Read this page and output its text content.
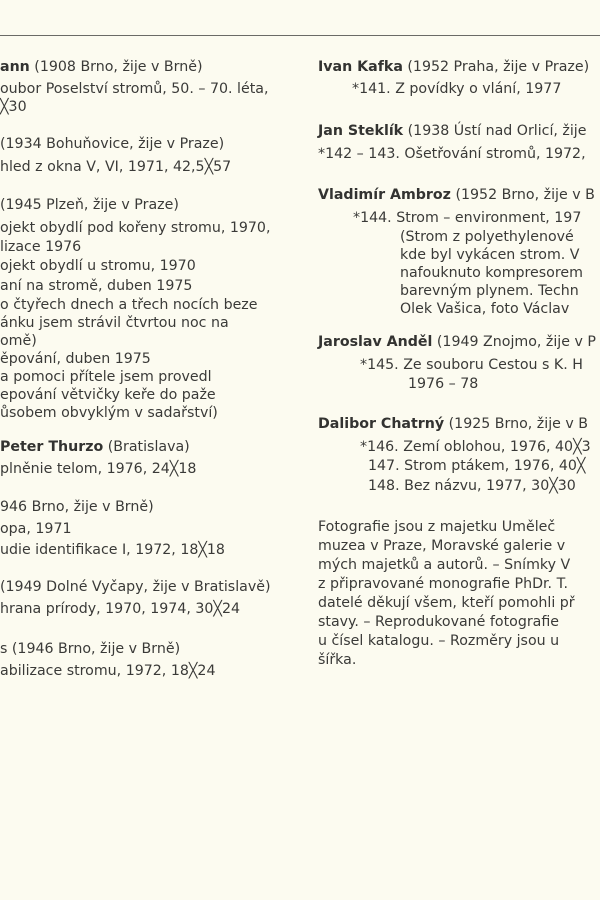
ann (1908 Brno, žije v Brně)
oubor Poselství stromů, 50. – 70. léta,
╳30
(1934 Bohuňovice, žije v Praze)
hled z okna V, VI, 1971, 42,5╳57
(1945 Plzeň, žije v Praze)
ojekt obydlí pod kořeny stromu, 1970,
lizace 1976
ojekt obydlí u stromu, 1970
aní na stromě, duben 1975
o čtyřech dnech a třech nocích beze
ánku jsem strávil čtvrtou noc na
omě)
ěpování, duben 1975
a pomoci přítele jsem provedl
epování větvičky keře do paže
ůsobem obvyklým v sadařství)
Peter Thurzo (Bratislava)
plněnie telom, 1976, 24╳18
946 Brno, žije v Brně)
opa, 1971
udie identifikace I, 1972, 18╳18
(1949 Dolné Vyčapy, žije v Bratislavě)
hrana prírody, 1970, 1974, 30╳24
s (1946 Brno, žije v Brně)
abilizace stromu, 1972, 18╳24
Ivan Kafka (1952 Praha, žije v Praze)
*141. Z povídky o vlání, 1977
Jan Steklík (1938 Ústí nad Orlicí, žije
*142 – 143. Ošetřování stromů, 1972,
Vladimír Ambroz (1952 Brno, žije v B
*144. Strom – environment, 197
(Strom z polyethylenové
kde byl vykácen strom. V
nafouknuto kompresorem
barevným plynem. Techn
Olek Vašica, foto Václav
Jaroslav Anděl (1949 Znojmo, žije v P
*145. Ze souboru Cestou s K. H
1976 – 78
Dalibor Chatrný (1925 Brno, žije v B
*146. Zemí oblohou, 1976, 40╳3
147. Strom ptákem, 1976, 40╳
148. Bez názvu, 1977, 30╳30
Fotografie jsou z majetku Uměleč
muzea v Praze, Moravské galerie v
mých majetků a autorů. – Snímky V
z připravované monografie PhDr. T.
datelé děkují všem, kteří pomohli př
stavy. – Reprodukované fotografie
u čísel katalogu. – Rozměry jsou u
šířka.
